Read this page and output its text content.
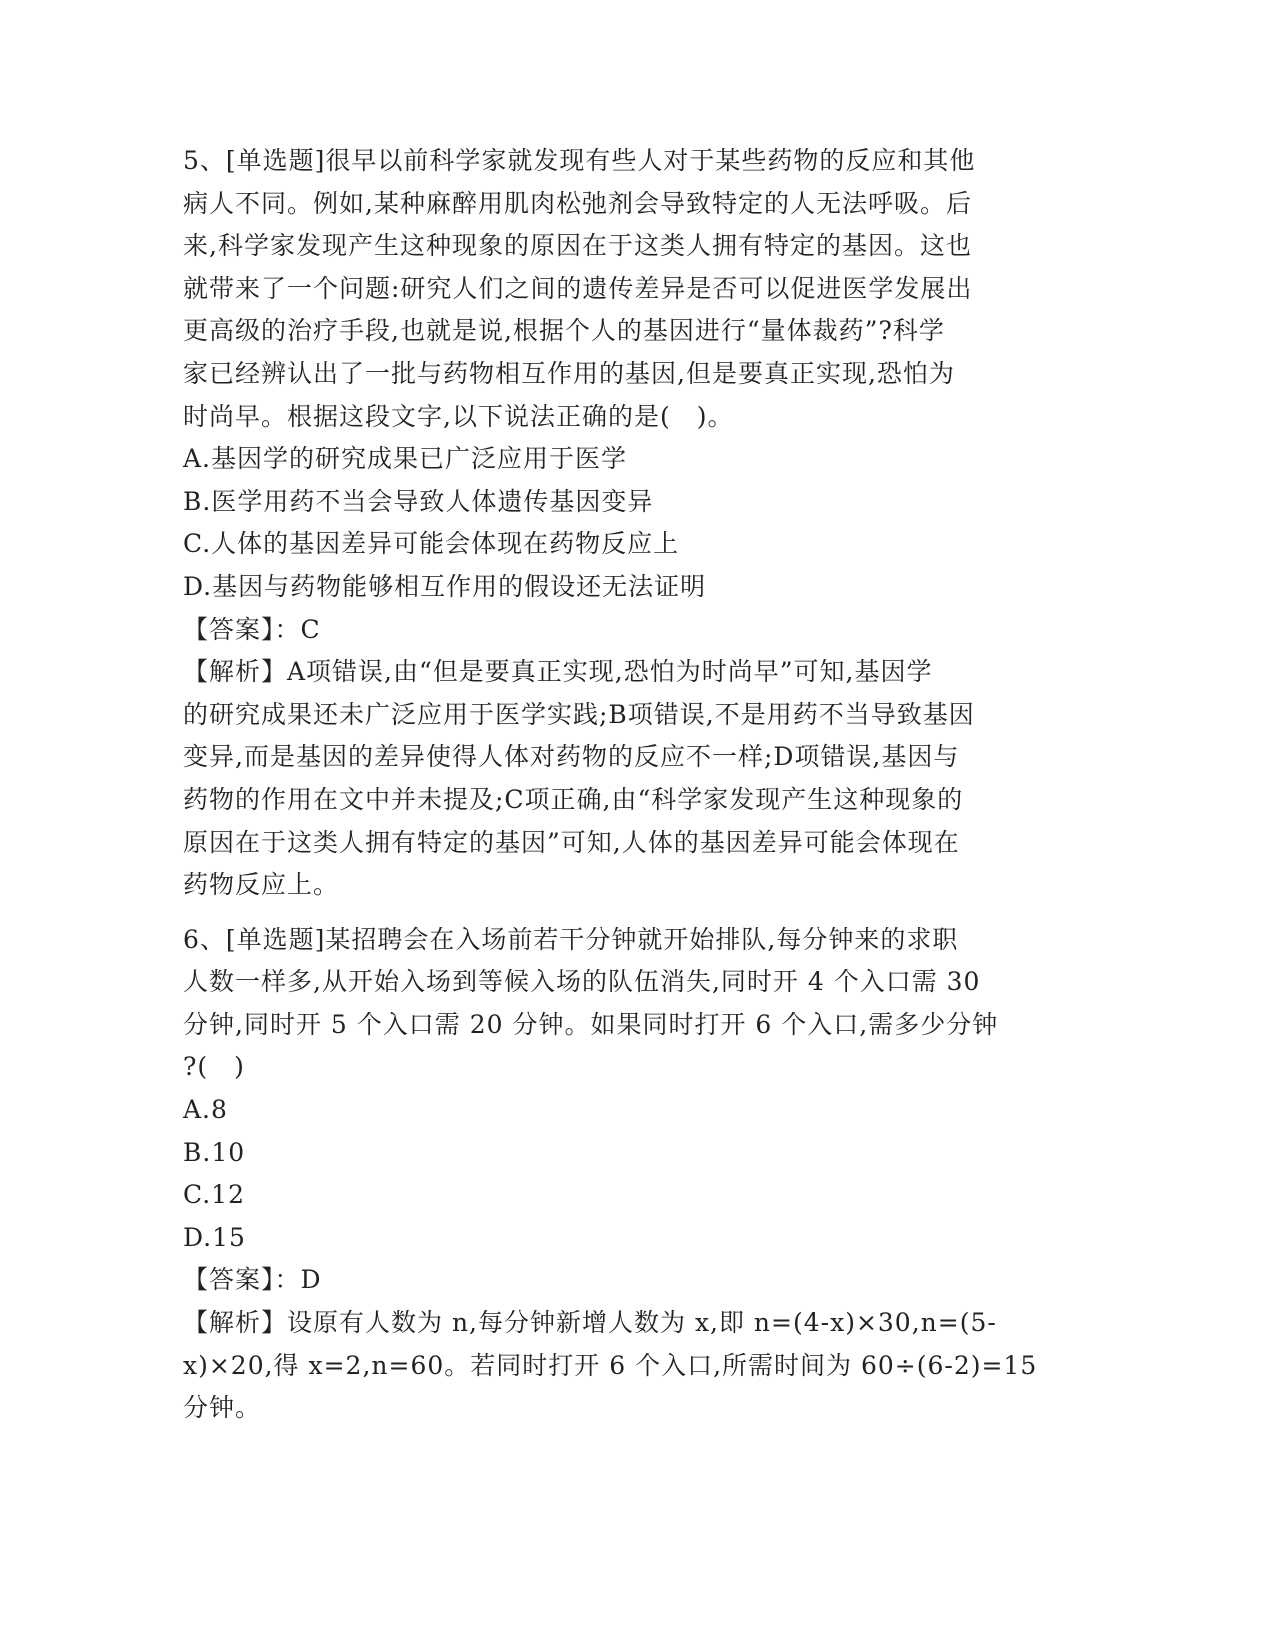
5、[单选题]很早以前科学家就发现有些人对于某些药物的反应和其他
病人不同。例如,某种麻醉用肌肉松弛剂会导致特定的人无法呼吸。后
来,科学家发现产生这种现象的原因在于这类人拥有特定的基因。这也
就带来了一个问题:研究人们之间的遗传差异是否可以促进医学发展出
更高级的治疗手段,也就是说,根据个人的基因进行“量体裁药”?科学
家已经辨认出了一批与药物相互作用的基因,但是要真正实现,恐怕为
时尚早。根据这段文字,以下说法正确的是(　)。
A.基因学的研究成果已广泛应用于医学
B.医学用药不当会导致人体遗传基因变异
C.人体的基因差异可能会体现在药物反应上
D.基因与药物能够相互作用的假设还无法证明
【答案】：C
【解析】A项错误,由“但是要真正实现,恐怕为时尚早”可知,基因学
的研究成果还未广泛应用于医学实践;B项错误,不是用药不当导致基因
变异,而是基因的差异使得人体对药物的反应不一样;D项错误,基因与
药物的作用在文中并未提及;C项正确,由“科学家发现产生这种现象的
原因在于这类人拥有特定的基因”可知,人体的基因差异可能会体现在
药物反应上。
6、[单选题]某招聘会在入场前若干分钟就开始排队,每分钟来的求职
人数一样多,从开始入场到等候入场的队伍消失,同时开 4 个入口需 30
分钟,同时开 5 个入口需 20 分钟。如果同时打开 6 个入口,需多少分钟
?(　)
A.8
B.10
C.12
D.15
【答案】：D
【解析】设原有人数为 n,每分钟新增人数为 x,即 n=(4-x)×30,n=(5-
x)×20,得 x=2,n=60。若同时打开 6 个入口,所需时间为 60÷(6-2)=15
分钟。
